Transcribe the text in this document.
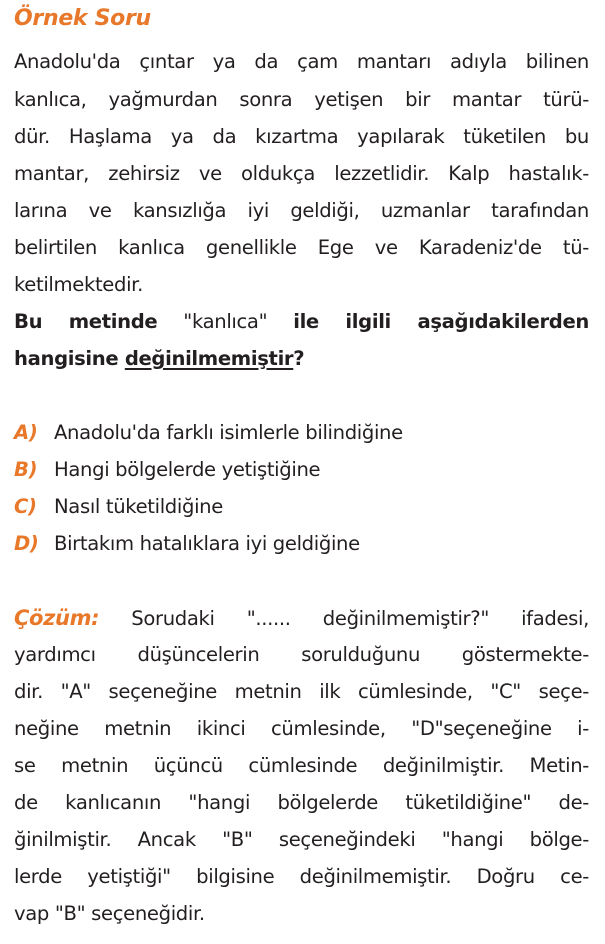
Örnek Soru
Anadolu'da çıntar ya da çam mantarı adıyla bilinen
kanlıca, yağmurdan sonra yetişen bir mantar türü-
dür. Haşlama ya da kızartma yapılarak tüketilen bu
mantar, zehirsiz ve oldukça lezzetlidir. Kalp hastalık-
larına ve kansızlığa iyi geldiği, uzmanlar tarafından
belirtilen kanlıca genellikle Ege ve Karadeniz'de tü-
ketilmektedir.
Bu metinde "kanlıca" ile ilgili aşağıdakilerden
hangisine değinilmemiştir?
A) Anadolu'da farklı isimlerle bilindiğine
B) Hangi bölgelerde yetiştiğine
C) Nasıl tüketildiğine
D) Birtakım hatalıklara iyi geldiğine
Çözüm: Sorudaki "...... değinilmemiştir?" ifadesi,
yardımcı düşüncelerin sorulduğunu göstermekte-
dir. "A" seçeneğine metnin ilk cümlesinde, "C" seçe-
neğine metnin ikinci cümlesinde, "D"seçeneğine i-
se metnin üçüncü cümlesinde değinilmiştir. Metin-
de kanlıcanın "hangi bölgelerde tüketildiğine" de-
ğinilmiştir. Ancak "B" seçeneğindeki "hangi bölge-
lerde yetiştiği" bilgisine değinilmemiştir. Doğru ce-
vap "B" seçeneğidir.
